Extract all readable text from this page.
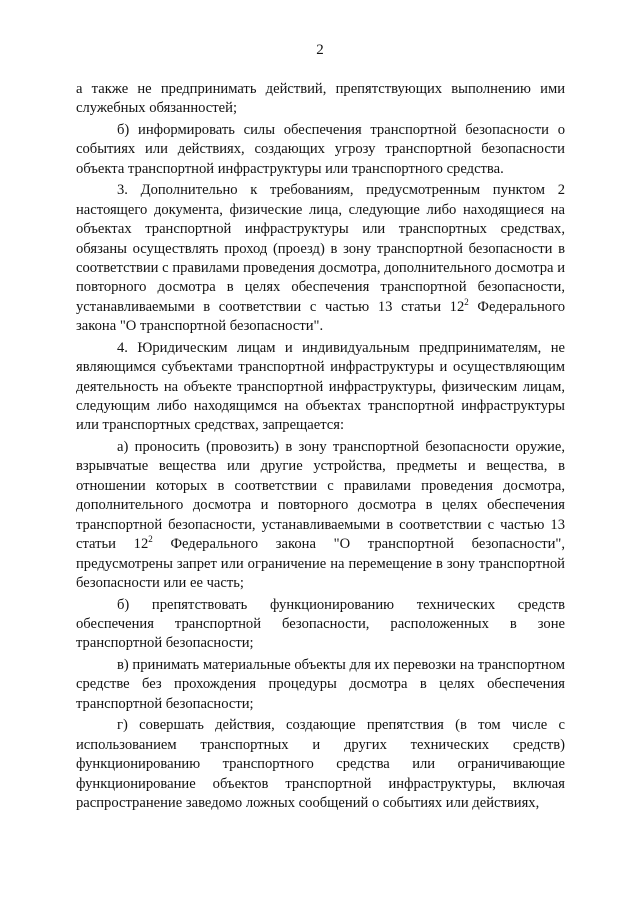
2

а также не предпринимать действий, препятствующих выполнению ими служебных обязанностей;

б) информировать силы обеспечения транспортной безопасности о событиях или действиях, создающих угрозу транспортной безопасности объекта транспортной инфраструктуры или транспортного средства.

3. Дополнительно к требованиям, предусмотренным пунктом 2 настоящего документа, физические лица, следующие либо находящиеся на объектах транспортной инфраструктуры или транспортных средствах, обязаны осуществлять проход (проезд) в зону транспортной безопасности в соответствии с правилами проведения досмотра, дополнительного досмотра и повторного досмотра в целях обеспечения транспортной безопасности, устанавливаемыми в соответствии с частью 13 статьи $12^2$ Федерального закона "О транспортной безопасности".

4. Юридическим лицам и индивидуальным предпринимателям, не являющимся субъектами транспортной инфраструктуры и осуществляющим деятельность на объекте транспортной инфраструктуры, физическим лицам, следующим либо находящимся на объектах транспортной инфраструктуры или транспортных средствах, запрещается:

а) проносить (провозить) в зону транспортной безопасности оружие, взрывчатые вещества или другие устройства, предметы и вещества, в отношении которых в соответствии с правилами проведения досмотра, дополнительного досмотра и повторного досмотра в целях обеспечения транспортной безопасности, устанавливаемыми в соответствии с частью 13 статьи $12^2$ Федерального закона "О транспортной безопасности", предусмотрены запрет или ограничение на перемещение в зону транспортной безопасности или ее часть;

б) препятствовать функционированию технических средств обеспечения транспортной безопасности, расположенных в зоне транспортной безопасности;

в) принимать материальные объекты для их перевозки на транспортном средстве без прохождения процедуры досмотра в целях обеспечения транспортной безопасности;

г) совершать действия, создающие препятствия (в том числе с использованием транспортных и других технических средств) функционированию транспортного средства или ограничивающие функционирование объектов транспортной инфраструктуры, включая распространение заведомо ложных сообщений о событиях или действиях,
